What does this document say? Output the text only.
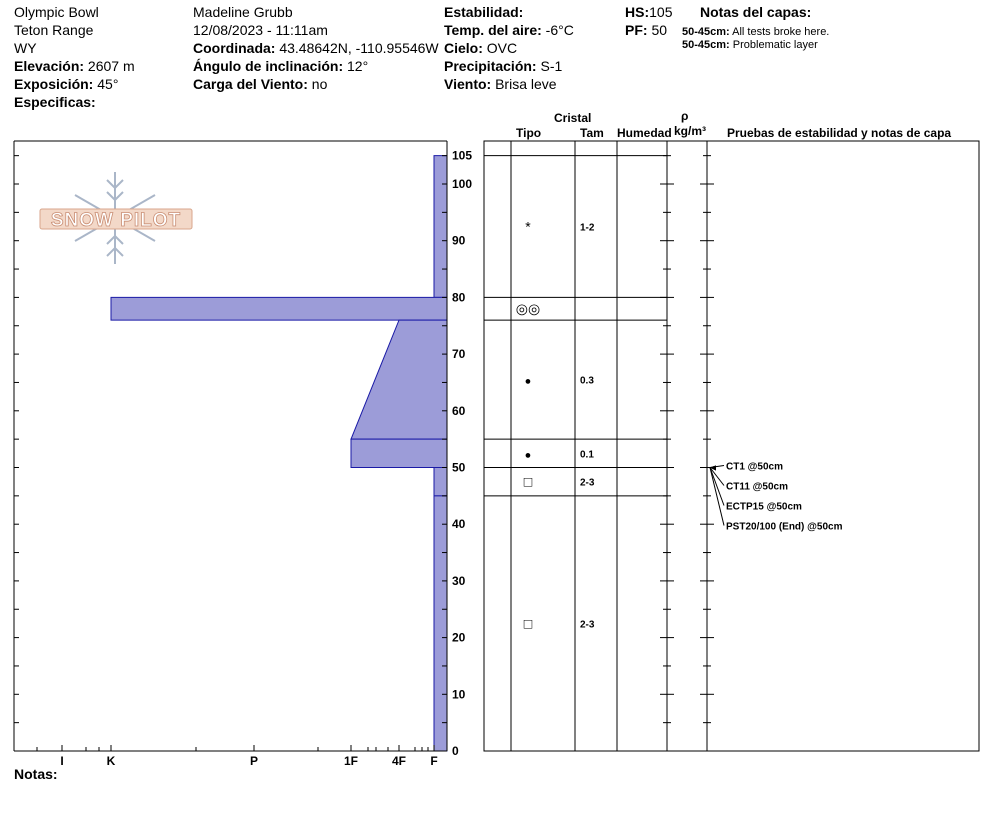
Olympic Bowl
Teton Range
WY
Elevación: 2607 m
Exposición: 45°
Especificas:
Madeline Grubb
12/08/2023 - 11:11am
Coordinada: 43.48642N, -110.95546W
Ángulo de inclinación: 12°
Carga del Viento: no
Estabilidad:
Temp. del aire: -6°C
Cielo: OVC
Precipitación: S-1
Viento: Brisa leve
HS:105
PF: 50
Notas del capas:
50-45cm: All tests broke here.
50-45cm: Problematic layer
Notas:
Cristal
Tipo	Tam Humedad
ρ
kg/m³ Pruebas de estabilidad y notas de capa
SNOW PILOT
0
10
20
30
40
50
60
70
80
90
100
105
I	K	P	1F	4F F
*	1-2
◎◎
●	0.3
●	0.1
□	2-3
□	2-3
CT1 @50cm
CT11 @50cm
ECTP15 @50cm
PST20/100 (End) @50cm
